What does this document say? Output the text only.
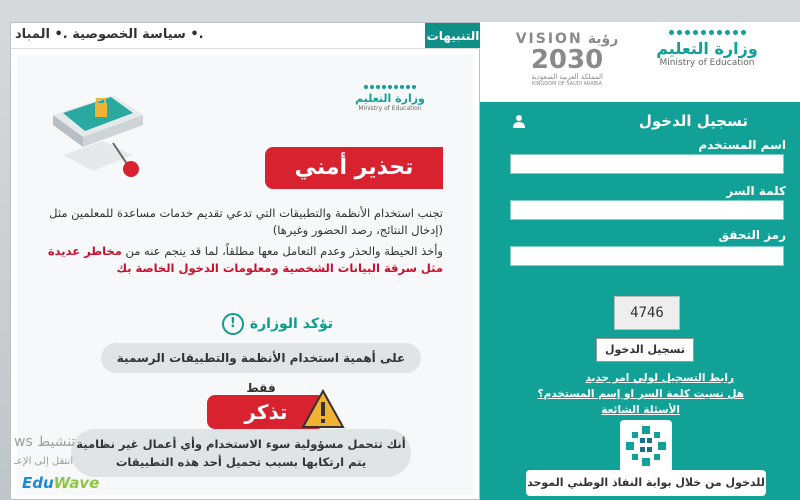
.• سياسة الخصوصية .• المباد	التنبيهات
وزارة التعليم
Ministry of Education
تحذير أمني
تجنب استخدام الأنظمة والتطبيقات التي تدعي تقديم خدمات مساعدة للمعلمين مثل (إدخال النتائج، رصد الحضور وغيرها)
وأخذ الحيطة والحذر وعدم التعامل معها مطلقاً، لما قد ينجم عنه من مخاطر عديدة مثل سرقة البيانات الشخصية ومعلومات الدخول الخاصة بك
تؤكد الوزارة
!
على أهمية استخدام الأنظمة والتطبيقات الرسمية فقط
تذكر
أنك تتحمل مسؤولية سوء الاستخدام وأي أعمال غير نظامية
يتم ارتكابها بسبب تحميل أحد هذه التطبيقات
تنشيط ws
انتقل إلى الإعـ
EduWave
VISION رؤية
2030
المملكة العربية السعودية
KINGDOM OF SAUDI ARABIA
وزارة التعليم
Ministry of Education
تسجيل الدخول
اسم المستخدم
كلمة السر
رمز التحقق
4746
تسجيل الدخول
رابط التسجيل لولي امر جديد
هل نسيت كلمة السر او إسم المستخدم؟
الأسئلة الشائعة
للدخول من خلال بوابة النفاذ الوطني الموحد
